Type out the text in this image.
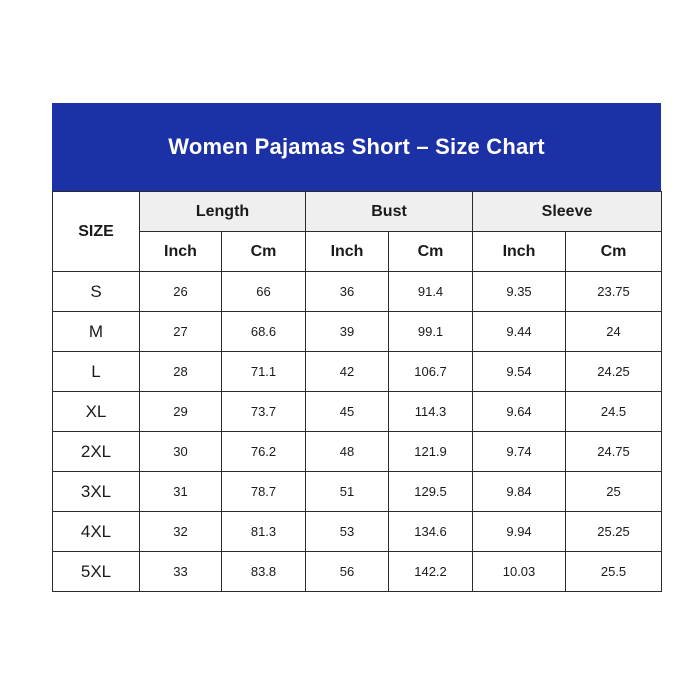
Women Pajamas Short – Size Chart
SIZE	Length		Bust		Sleeve	
	Inch	Cm	Inch	Cm	Inch	Cm
S	26	66	36	91.4	9.35	23.75
M	27	68.6	39	99.1	9.44	24
L	28	71.1	42	106.7	9.54	24.25
XL	29	73.7	45	114.3	9.64	24.5
2XL	30	76.2	48	121.9	9.74	24.75
3XL	31	78.7	51	129.5	9.84	25
4XL	32	81.3	53	134.6	9.94	25.25
5XL	33	83.8	56	142.2	10.03	25.5
